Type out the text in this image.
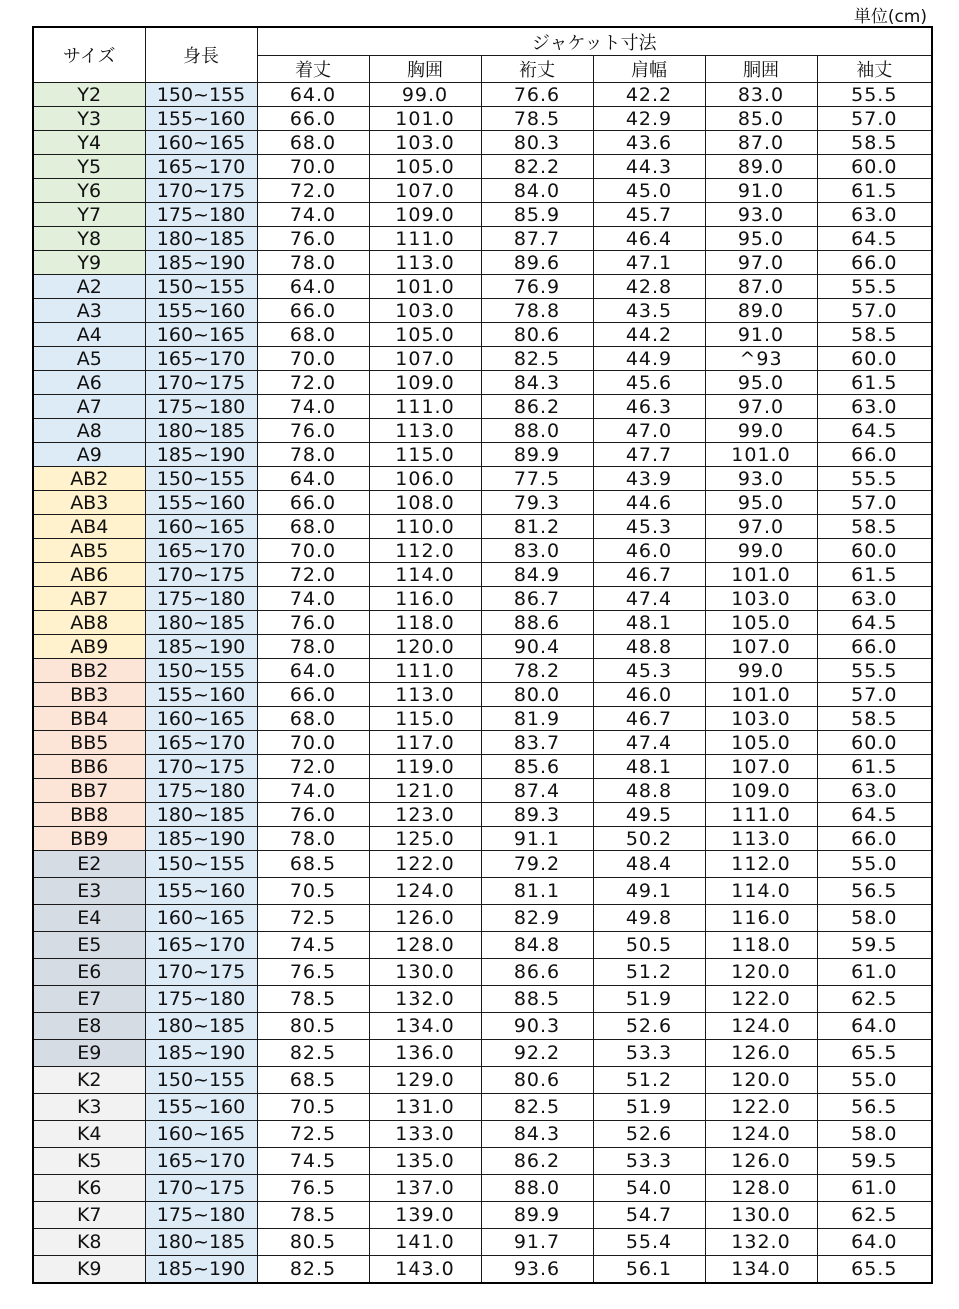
単位(cm)
サイズ	身長	ジャケット寸法					
		着丈	胸囲	裄丈	肩幅	胴囲	袖丈
Y2	150~155	64.0	99.0	76.6	42.2	83.0	55.5
Y3	155~160	66.0	101.0	78.5	42.9	85.0	57.0
Y4	160~165	68.0	103.0	80.3	43.6	87.0	58.5
Y5	165~170	70.0	105.0	82.2	44.3	89.0	60.0
Y6	170~175	72.0	107.0	84.0	45.0	91.0	61.5
Y7	175~180	74.0	109.0	85.9	45.7	93.0	63.0
Y8	180~185	76.0	111.0	87.7	46.4	95.0	64.5
Y9	185~190	78.0	113.0	89.6	47.1	97.0	66.0
A2	150~155	64.0	101.0	76.9	42.8	87.0	55.5
A3	155~160	66.0	103.0	78.8	43.5	89.0	57.0
A4	160~165	68.0	105.0	80.6	44.2	91.0	58.5
A5	165~170	70.0	107.0	82.5	44.9	^93	60.0
A6	170~175	72.0	109.0	84.3	45.6	95.0	61.5
A7	175~180	74.0	111.0	86.2	46.3	97.0	63.0
A8	180~185	76.0	113.0	88.0	47.0	99.0	64.5
A9	185~190	78.0	115.0	89.9	47.7	101.0	66.0
AB2	150~155	64.0	106.0	77.5	43.9	93.0	55.5
AB3	155~160	66.0	108.0	79.3	44.6	95.0	57.0
AB4	160~165	68.0	110.0	81.2	45.3	97.0	58.5
AB5	165~170	70.0	112.0	83.0	46.0	99.0	60.0
AB6	170~175	72.0	114.0	84.9	46.7	101.0	61.5
AB7	175~180	74.0	116.0	86.7	47.4	103.0	63.0
AB8	180~185	76.0	118.0	88.6	48.1	105.0	64.5
AB9	185~190	78.0	120.0	90.4	48.8	107.0	66.0
BB2	150~155	64.0	111.0	78.2	45.3	99.0	55.5
BB3	155~160	66.0	113.0	80.0	46.0	101.0	57.0
BB4	160~165	68.0	115.0	81.9	46.7	103.0	58.5
BB5	165~170	70.0	117.0	83.7	47.4	105.0	60.0
BB6	170~175	72.0	119.0	85.6	48.1	107.0	61.5
BB7	175~180	74.0	121.0	87.4	48.8	109.0	63.0
BB8	180~185	76.0	123.0	89.3	49.5	111.0	64.5
BB9	185~190	78.0	125.0	91.1	50.2	113.0	66.0
E2	150~155	68.5	122.0	79.2	48.4	112.0	55.0
E3	155~160	70.5	124.0	81.1	49.1	114.0	56.5
E4	160~165	72.5	126.0	82.9	49.8	116.0	58.0
E5	165~170	74.5	128.0	84.8	50.5	118.0	59.5
E6	170~175	76.5	130.0	86.6	51.2	120.0	61.0
E7	175~180	78.5	132.0	88.5	51.9	122.0	62.5
E8	180~185	80.5	134.0	90.3	52.6	124.0	64.0
E9	185~190	82.5	136.0	92.2	53.3	126.0	65.5
K2	150~155	68.5	129.0	80.6	51.2	120.0	55.0
K3	155~160	70.5	131.0	82.5	51.9	122.0	56.5
K4	160~165	72.5	133.0	84.3	52.6	124.0	58.0
K5	165~170	74.5	135.0	86.2	53.3	126.0	59.5
K6	170~175	76.5	137.0	88.0	54.0	128.0	61.0
K7	175~180	78.5	139.0	89.9	54.7	130.0	62.5
K8	180~185	80.5	141.0	91.7	55.4	132.0	64.0
K9	185~190	82.5	143.0	93.6	56.1	134.0	65.5
